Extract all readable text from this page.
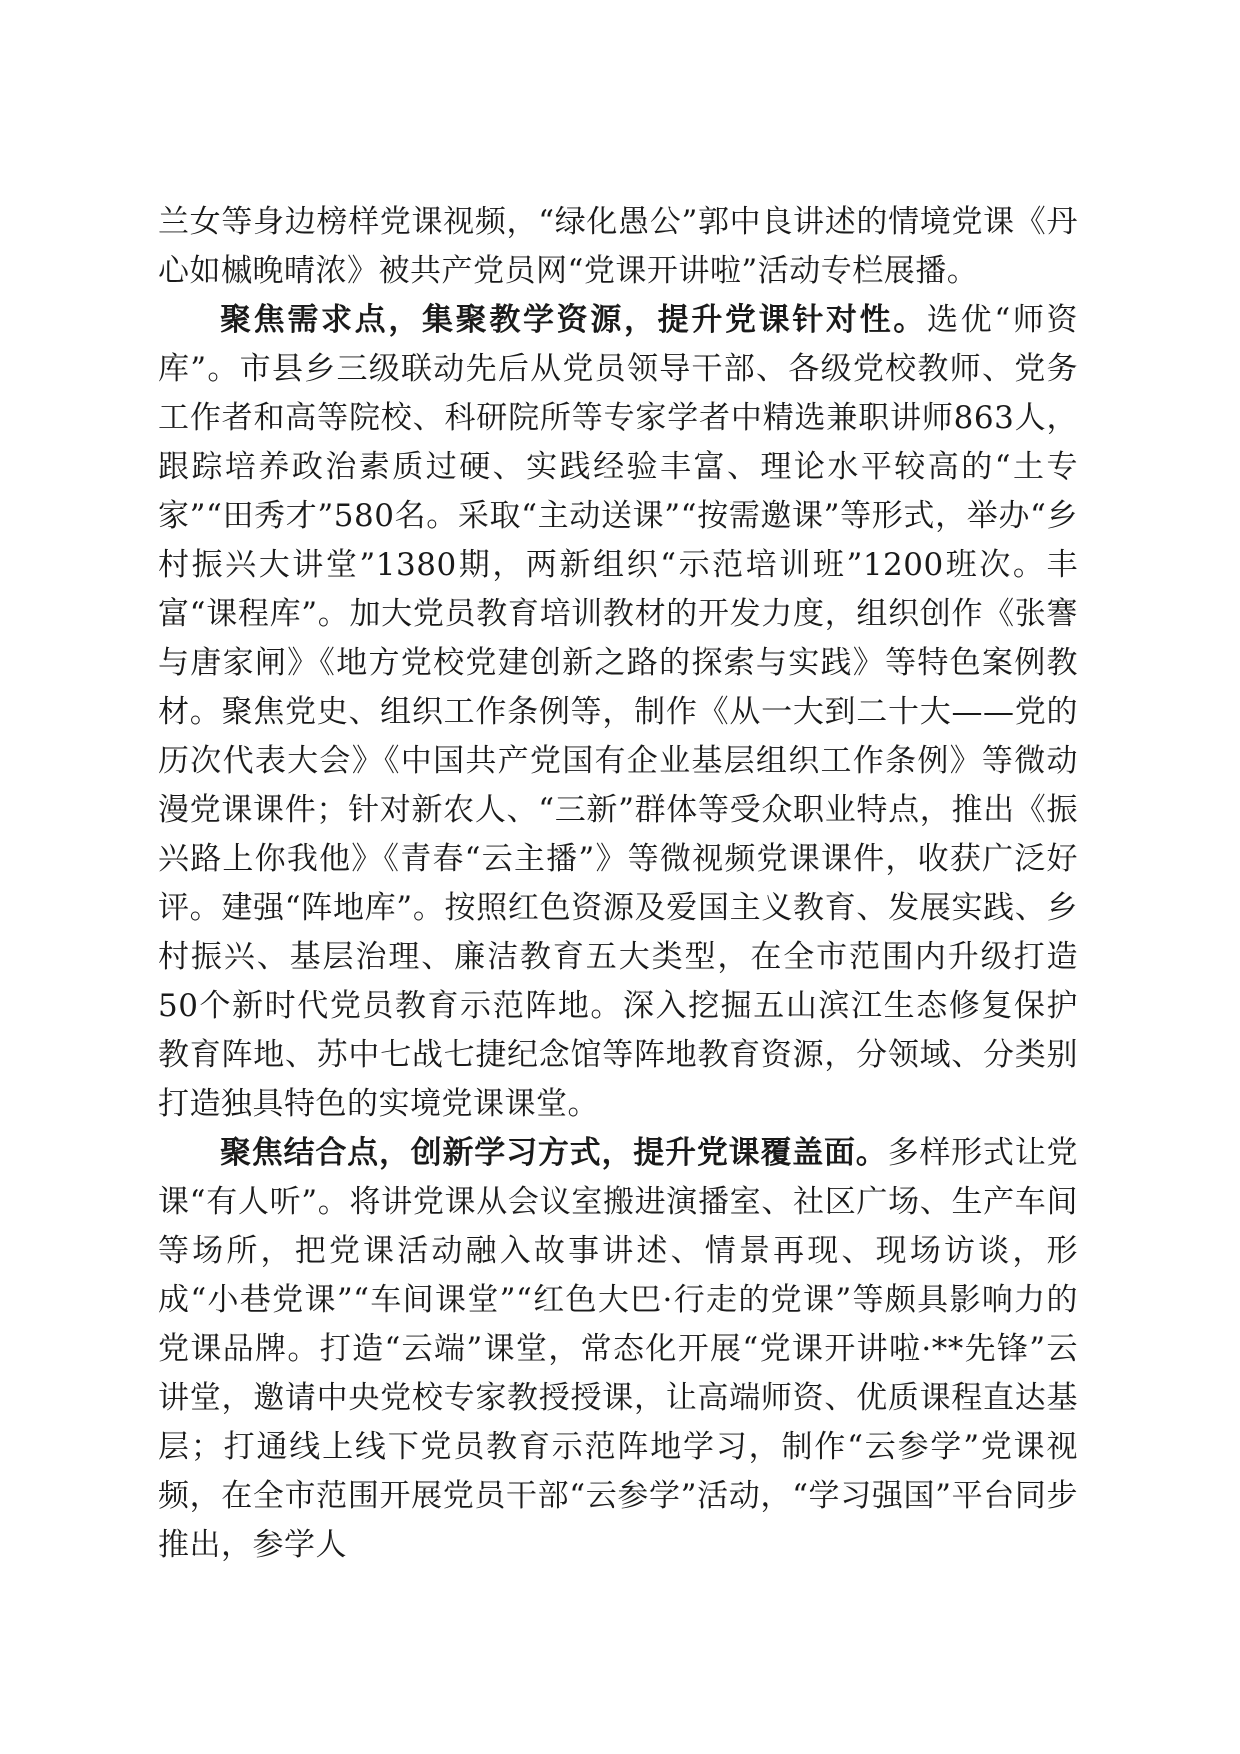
兰女等身边榜样党课视频，“绿化愚公”郭中良讲述的情境党课《丹心如槭晚晴浓》被共产党员网“党课开讲啦”活动专栏展播。

聚焦需求点，集聚教学资源，提升党课针对性。选优“师资库”。市县乡三级联动先后从党员领导干部、各级党校教师、党务工作者和高等院校、科研院所等专家学者中精选兼职讲师863人，跟踪培养政治素质过硬、实践经验丰富、理论水平较高的“土专家”“田秀才”580名。采取“主动送课”“按需邀课”等形式，举办“乡村振兴大讲堂”1380期，两新组织“示范培训班”1200班次。丰富“课程库”。加大党员教育培训教材的开发力度，组织创作《张謇与唐家闸》《地方党校党建创新之路的探索与实践》等特色案例教材。聚焦党史、组织工作条例等，制作《从一大到二十大——党的历次代表大会》《中国共产党国有企业基层组织工作条例》等微动漫党课课件；针对新农人、“三新”群体等受众职业特点，推出《振兴路上你我他》《青春“云主播”》等微视频党课课件，收获广泛好评。建强“阵地库”。按照红色资源及爱国主义教育、发展实践、乡村振兴、基层治理、廉洁教育五大类型，在全市范围内升级打造50个新时代党员教育示范阵地。深入挖掘五山滨江生态修复保护教育阵地、苏中七战七捷纪念馆等阵地教育资源，分领域、分类别打造独具特色的实境党课课堂。

聚焦结合点，创新学习方式，提升党课覆盖面。多样形式让党课“有人听”。将讲党课从会议室搬进演播室、社区广场、生产车间等场所，把党课活动融入故事讲述、情景再现、现场访谈，形成“小巷党课”“车间课堂”“红色大巴·行走的党课”等颇具影响力的党课品牌。打造“云端”课堂，常态化开展“党课开讲啦·**先锋”云讲堂，邀请中央党校专家教授授课，让高端师资、优质课程直达基层；打通线上线下党员教育示范阵地学习，制作“云参学”党课视频，在全市范围开展党员干部“云参学”活动，“学习强国”平台同步推出，参学人
